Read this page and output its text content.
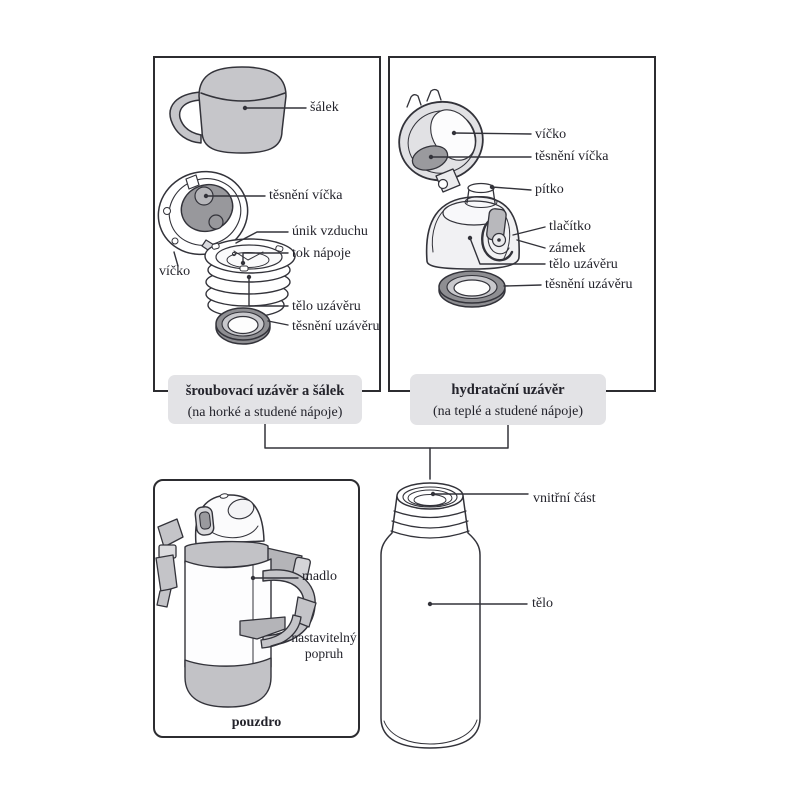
šroubovací uzávěr a šálek
(na horké a studené nápoje)
hydratační uzávěr
(na teplé a studené nápoje)
šálek
těsnění víčka
únik vzduchu
tok nápoje
víčko
tělo uzávěru
těsnění uzávěru
víčko
těsnění víčka
pítko
tlačítko
zámek
tělo uzávěru
těsnění uzávěru
madlo
nastavitelný
popruh
pouzdro
vnitřní část
tělo
